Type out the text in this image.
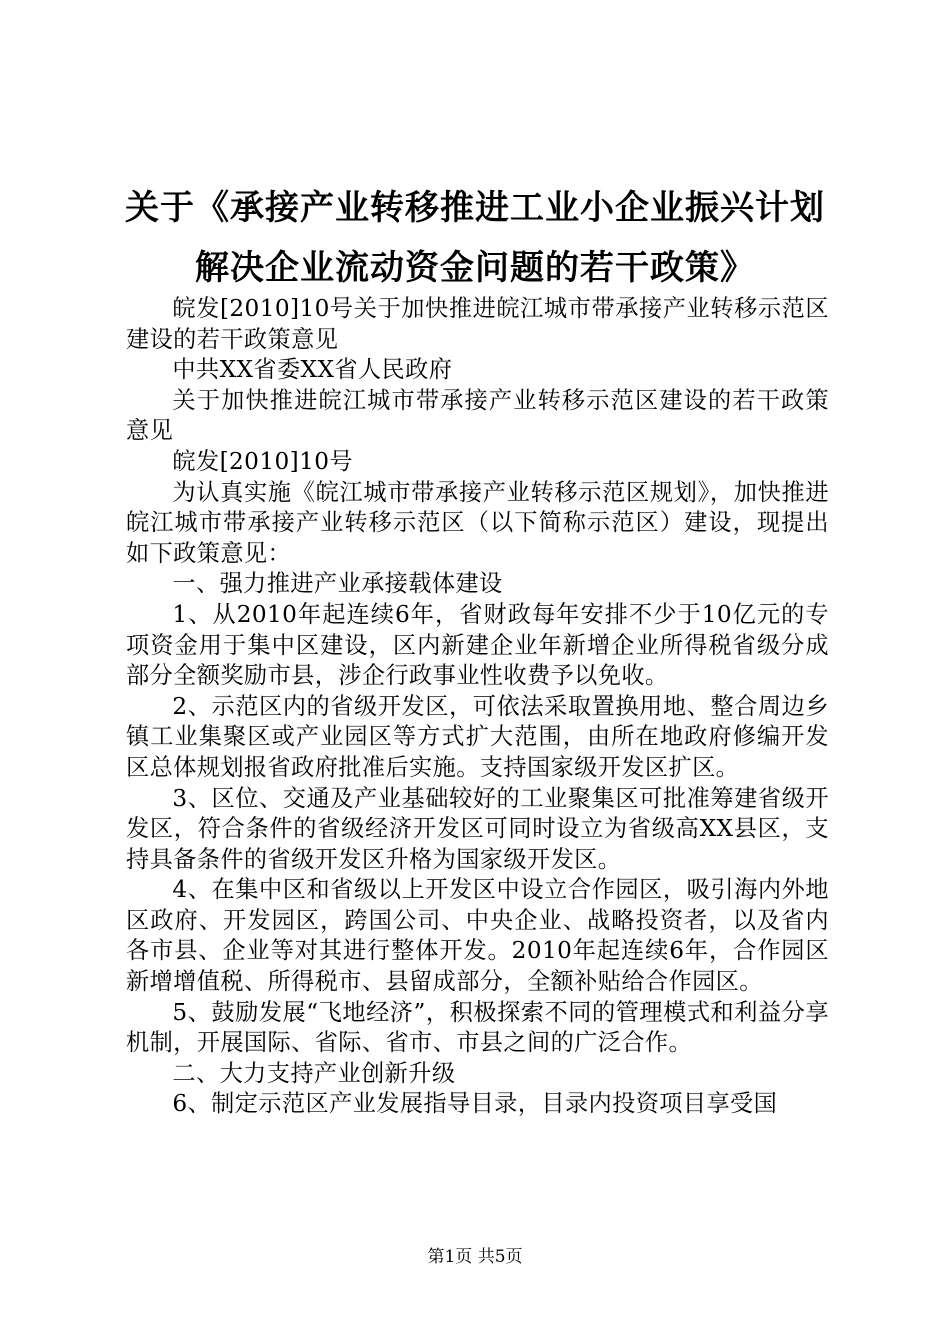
关于《承接产业转移推进工业小企业振兴计划
解决企业流动资金问题的若干政策》

皖发[2010]10号关于加快推进皖江城市带承接产业转移示范区建设的若干政策意见

中共XX省委XX省人民政府

关于加快推进皖江城市带承接产业转移示范区建设的若干政策意见

皖发[2010]10号

为认真实施《皖江城市带承接产业转移示范区规划》，加快推进皖江城市带承接产业转移示范区（以下简称示范区）建设，现提出如下政策意见：

一、强力推进产业承接载体建设

1、从2010年起连续6年，省财政每年安排不少于10亿元的专项资金用于集中区建设，区内新建企业年新增企业所得税省级分成部分全额奖励市县，涉企行政事业性收费予以免收。

2、示范区内的省级开发区，可依法采取置换用地、整合周边乡镇工业集聚区或产业园区等方式扩大范围，由所在地政府修编开发区总体规划报省政府批准后实施。支持国家级开发区扩区。

3、区位、交通及产业基础较好的工业聚集区可批准筹建省级开发区，符合条件的省级经济开发区可同时设立为省级高XX县区，支持具备条件的省级开发区升格为国家级开发区。

4、在集中区和省级以上开发区中设立合作园区，吸引海内外地区政府、开发园区，跨国公司、中央企业、战略投资者，以及省内各市县、企业等对其进行整体开发。2010年起连续6年，合作园区新增增值税、所得税市、县留成部分，全额补贴给合作园区。

5、鼓励发展“飞地经济”，积极探索不同的管理模式和利益分享机制，开展国际、省际、省市、市县之间的广泛合作。

二、大力支持产业创新升级

6、制定示范区产业发展指导目录，目录内投资项目享受国

第1页 共5页
